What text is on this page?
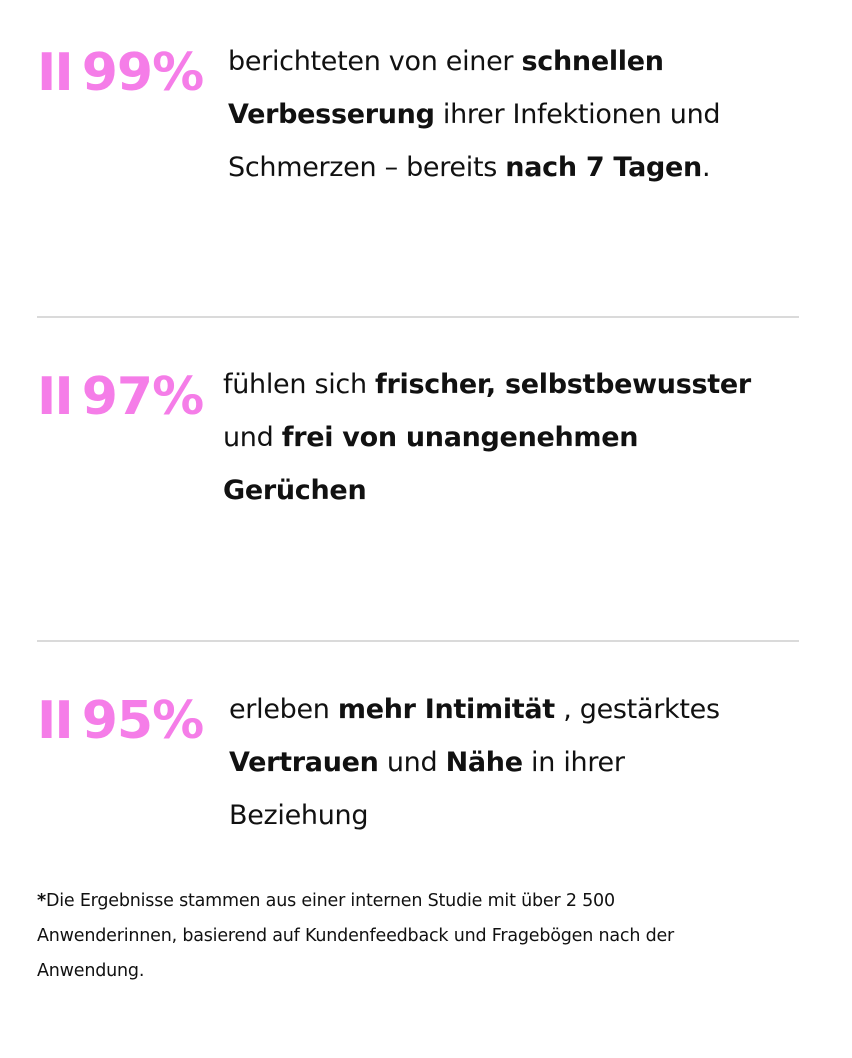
II 99% berichteten von einer schnellen
Verbesserung ihrer Infektionen und
Schmerzen – bereits nach 7 Tagen.
II 97% fühlen sich frischer, selbstbewusster
und frei von unangenehmen
Gerüchen
II 95% erleben mehr Intimität , gestärktes
Vertrauen und Nähe in ihrer
Beziehung
*Die Ergebnisse stammen aus einer internen Studie mit über 2 500
Anwenderinnen, basierend auf Kundenfeedback und Fragebögen nach der
Anwendung.
